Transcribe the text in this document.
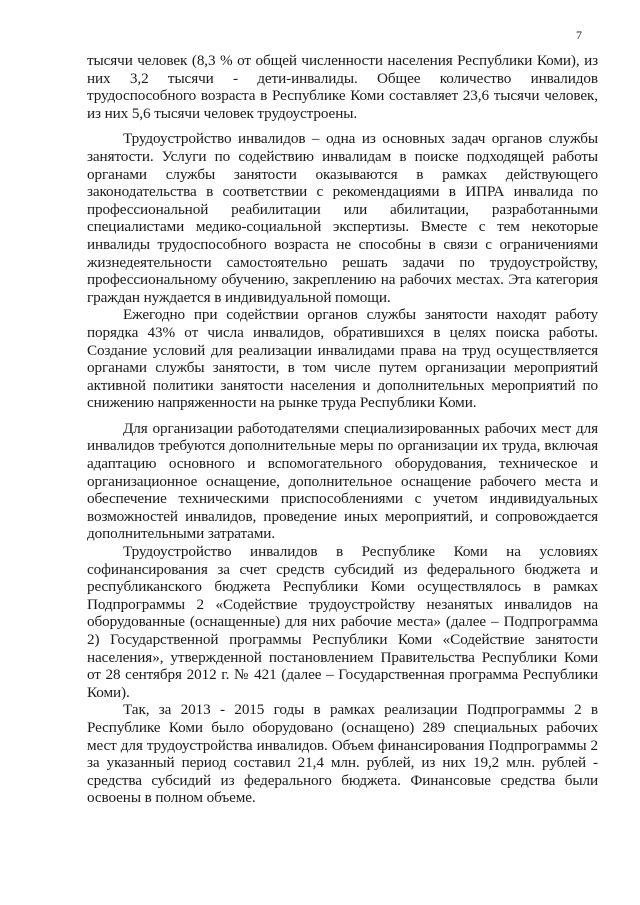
7

тысячи человек (8,3 % от общей численности населения Республики Коми), из них 3,2 тысячи - дети-инвалиды. Общее количество инвалидов трудоспособного возраста в Республике Коми составляет 23,6 тысячи человек, из них 5,6 тысячи человек трудоустроены.

Трудоустройство инвалидов – одна из основных задач органов службы занятости. Услуги по содействию инвалидам в поиске подходящей работы органами службы занятости оказываются в рамках действующего законодательства в соответствии с рекомендациями в ИПРА инвалида по профессиональной реабилитации или абилитации, разработанными специалистами медико-социальной экспертизы. Вместе с тем некоторые инвалиды трудоспособного возраста не способны в связи с ограничениями жизнедеятельности самостоятельно решать задачи по трудоустройству, профессиональному обучению, закреплению на рабочих местах. Эта категория граждан нуждается в индивидуальной помощи.

Ежегодно при содействии органов службы занятости находят работу порядка 43% от числа инвалидов, обратившихся в целях поиска работы. Создание условий для реализации инвалидами права на труд осуществляется органами службы занятости, в том числе путем организации мероприятий активной политики занятости населения и дополнительных мероприятий по снижению напряженности на рынке труда Республики Коми.

Для организации работодателями специализированных рабочих мест для инвалидов требуются дополнительные меры по организации их труда, включая адаптацию основного и вспомогательного оборудования, техническое и организационное оснащение, дополнительное оснащение рабочего места и обеспечение техническими приспособлениями с учетом индивидуальных возможностей инвалидов, проведение иных мероприятий, и сопровождается дополнительными затратами.

Трудоустройство инвалидов в Республике Коми на условиях софинансирования за счет средств субсидий из федерального бюджета и республиканского бюджета Республики Коми осуществлялось в рамках Подпрограммы 2 «Содействие трудоустройству незанятых инвалидов на оборудованные (оснащенные) для них рабочие места» (далее – Подпрограмма 2) Государственной программы Республики Коми «Содействие занятости населения», утвержденной постановлением Правительства Республики Коми от 28 сентября 2012 г. № 421 (далее – Государственная программа Республики Коми).

Так, за 2013 - 2015 годы в рамках реализации Подпрограммы 2 в Республике Коми было оборудовано (оснащено) 289 специальных рабочих мест для трудоустройства инвалидов. Объем финансирования Подпрограммы 2 за указанный период составил 21,4 млн. рублей, из них 19,2 млн. рублей - средства субсидий из федерального бюджета. Финансовые средства были освоены в полном объеме.
